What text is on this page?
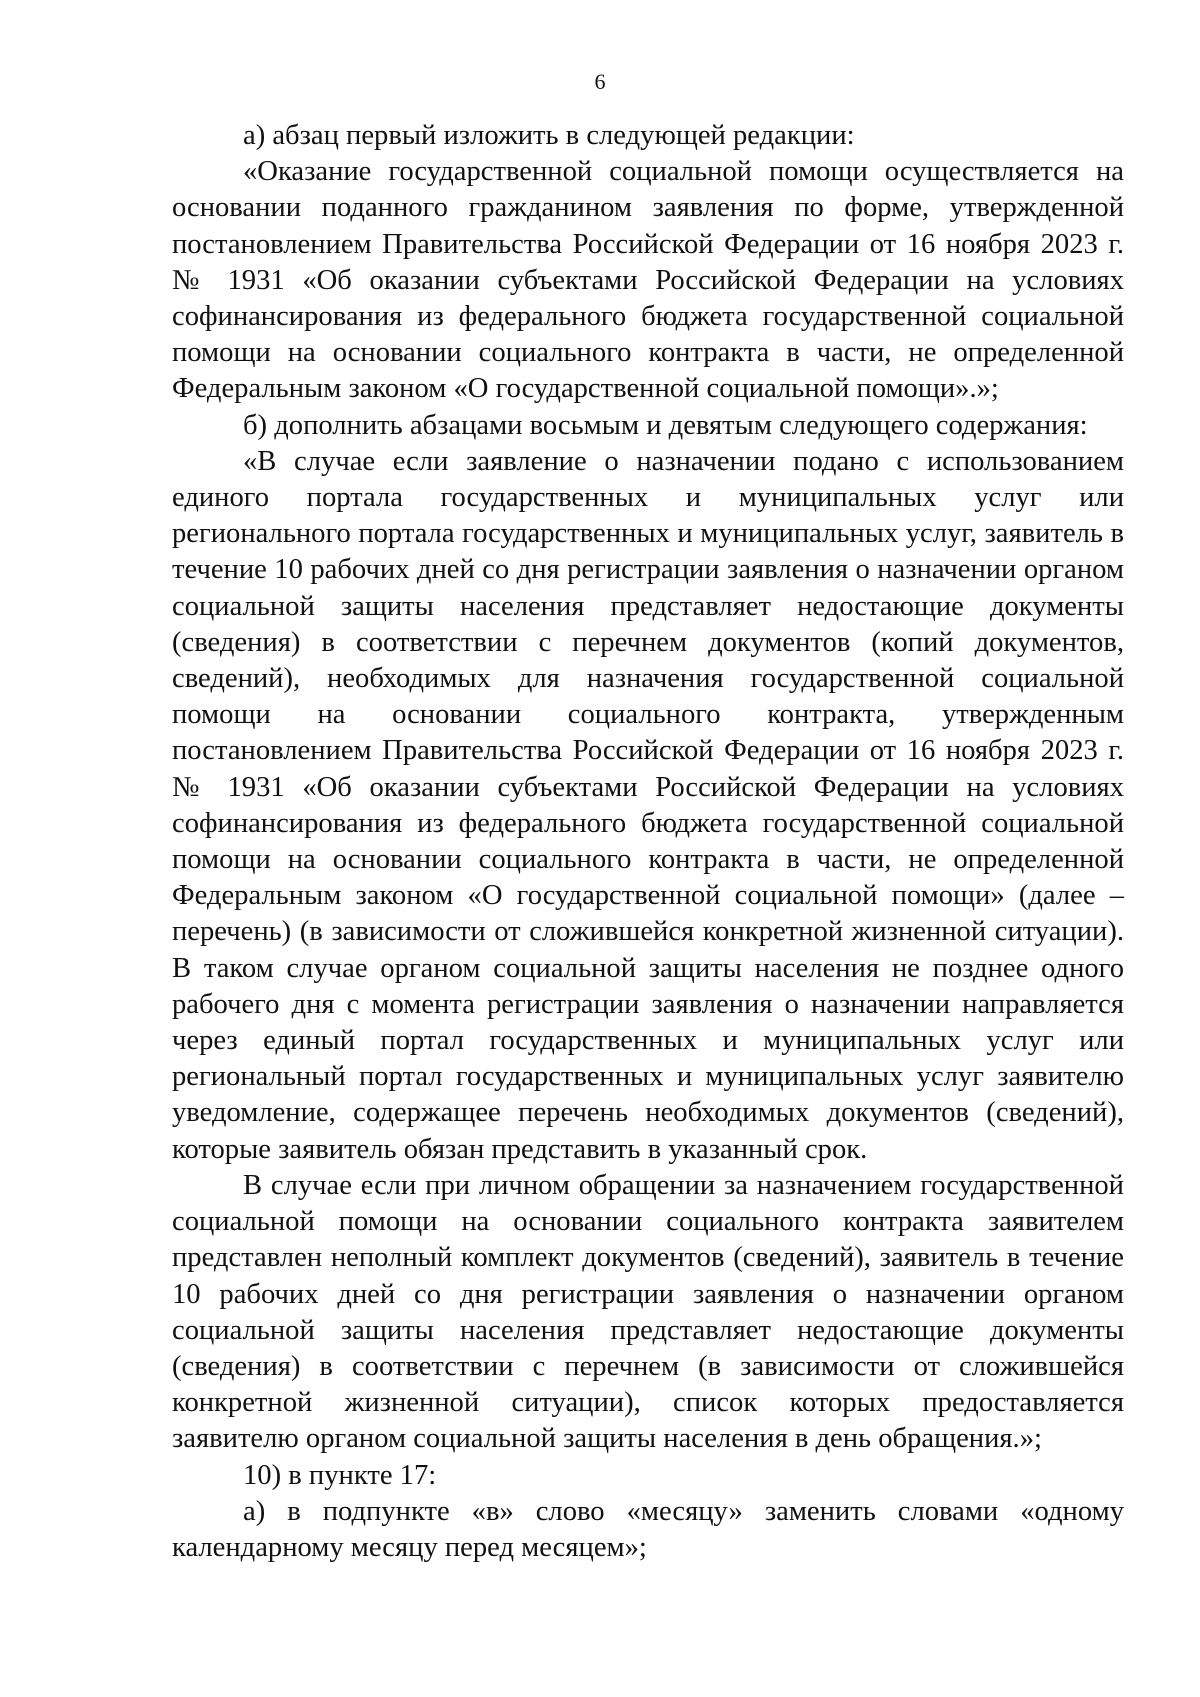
6

а) абзац первый изложить в следующей редакции:

«Оказание государственной социальной помощи осуществляется на основании поданного гражданином заявления по форме, утвержденной постановлением Правительства Российской Федерации от 16 ноября 2023 г. № 1931 «Об оказании субъектами Российской Федерации на условиях софинансирования из федерального бюджета государственной социальной помощи на основании социального контракта в части, не определенной Федеральным законом «О государственной социальной помощи».»;

б) дополнить абзацами восьмым и девятым следующего содержания:

«В случае если заявление о назначении подано с использованием единого портала государственных и муниципальных услуг или регионального портала государственных и муниципальных услуг, заявитель в течение 10 рабочих дней со дня регистрации заявления о назначении органом социальной защиты населения представляет недостающие документы (сведения) в соответствии с перечнем документов (копий документов, сведений), необходимых для назначения государственной социальной помощи на основании социального контракта, утвержденным постановлением Правительства Российской Федерации от 16 ноября 2023 г. № 1931 «Об оказании субъектами Российской Федерации на условиях софинансирования из федерального бюджета государственной социальной помощи на основании социального контракта в части, не определенной Федеральным законом «О государственной социальной помощи» (далее – перечень) (в зависимости от сложившейся конкретной жизненной ситуации). В таком случае органом социальной защиты населения не позднее одного рабочего дня с момента регистрации заявления о назначении направляется через единый портал государственных и муниципальных услуг или региональный портал государственных и муниципальных услуг заявителю уведомление, содержащее перечень необходимых документов (сведений), которые заявитель обязан представить в указанный срок.

В случае если при личном обращении за назначением государственной социальной помощи на основании социального контракта заявителем представлен неполный комплект документов (сведений), заявитель в течение 10 рабочих дней со дня регистрации заявления о назначении органом социальной защиты населения представляет недостающие документы (сведения) в соответствии с перечнем (в зависимости от сложившейся конкретной жизненной ситуации), список которых предоставляется заявителю органом социальной защиты населения в день обращения.»;

10) в пункте 17:

а) в подпункте «в» слово «месяцу» заменить словами «одному календарному месяцу перед месяцем»;
